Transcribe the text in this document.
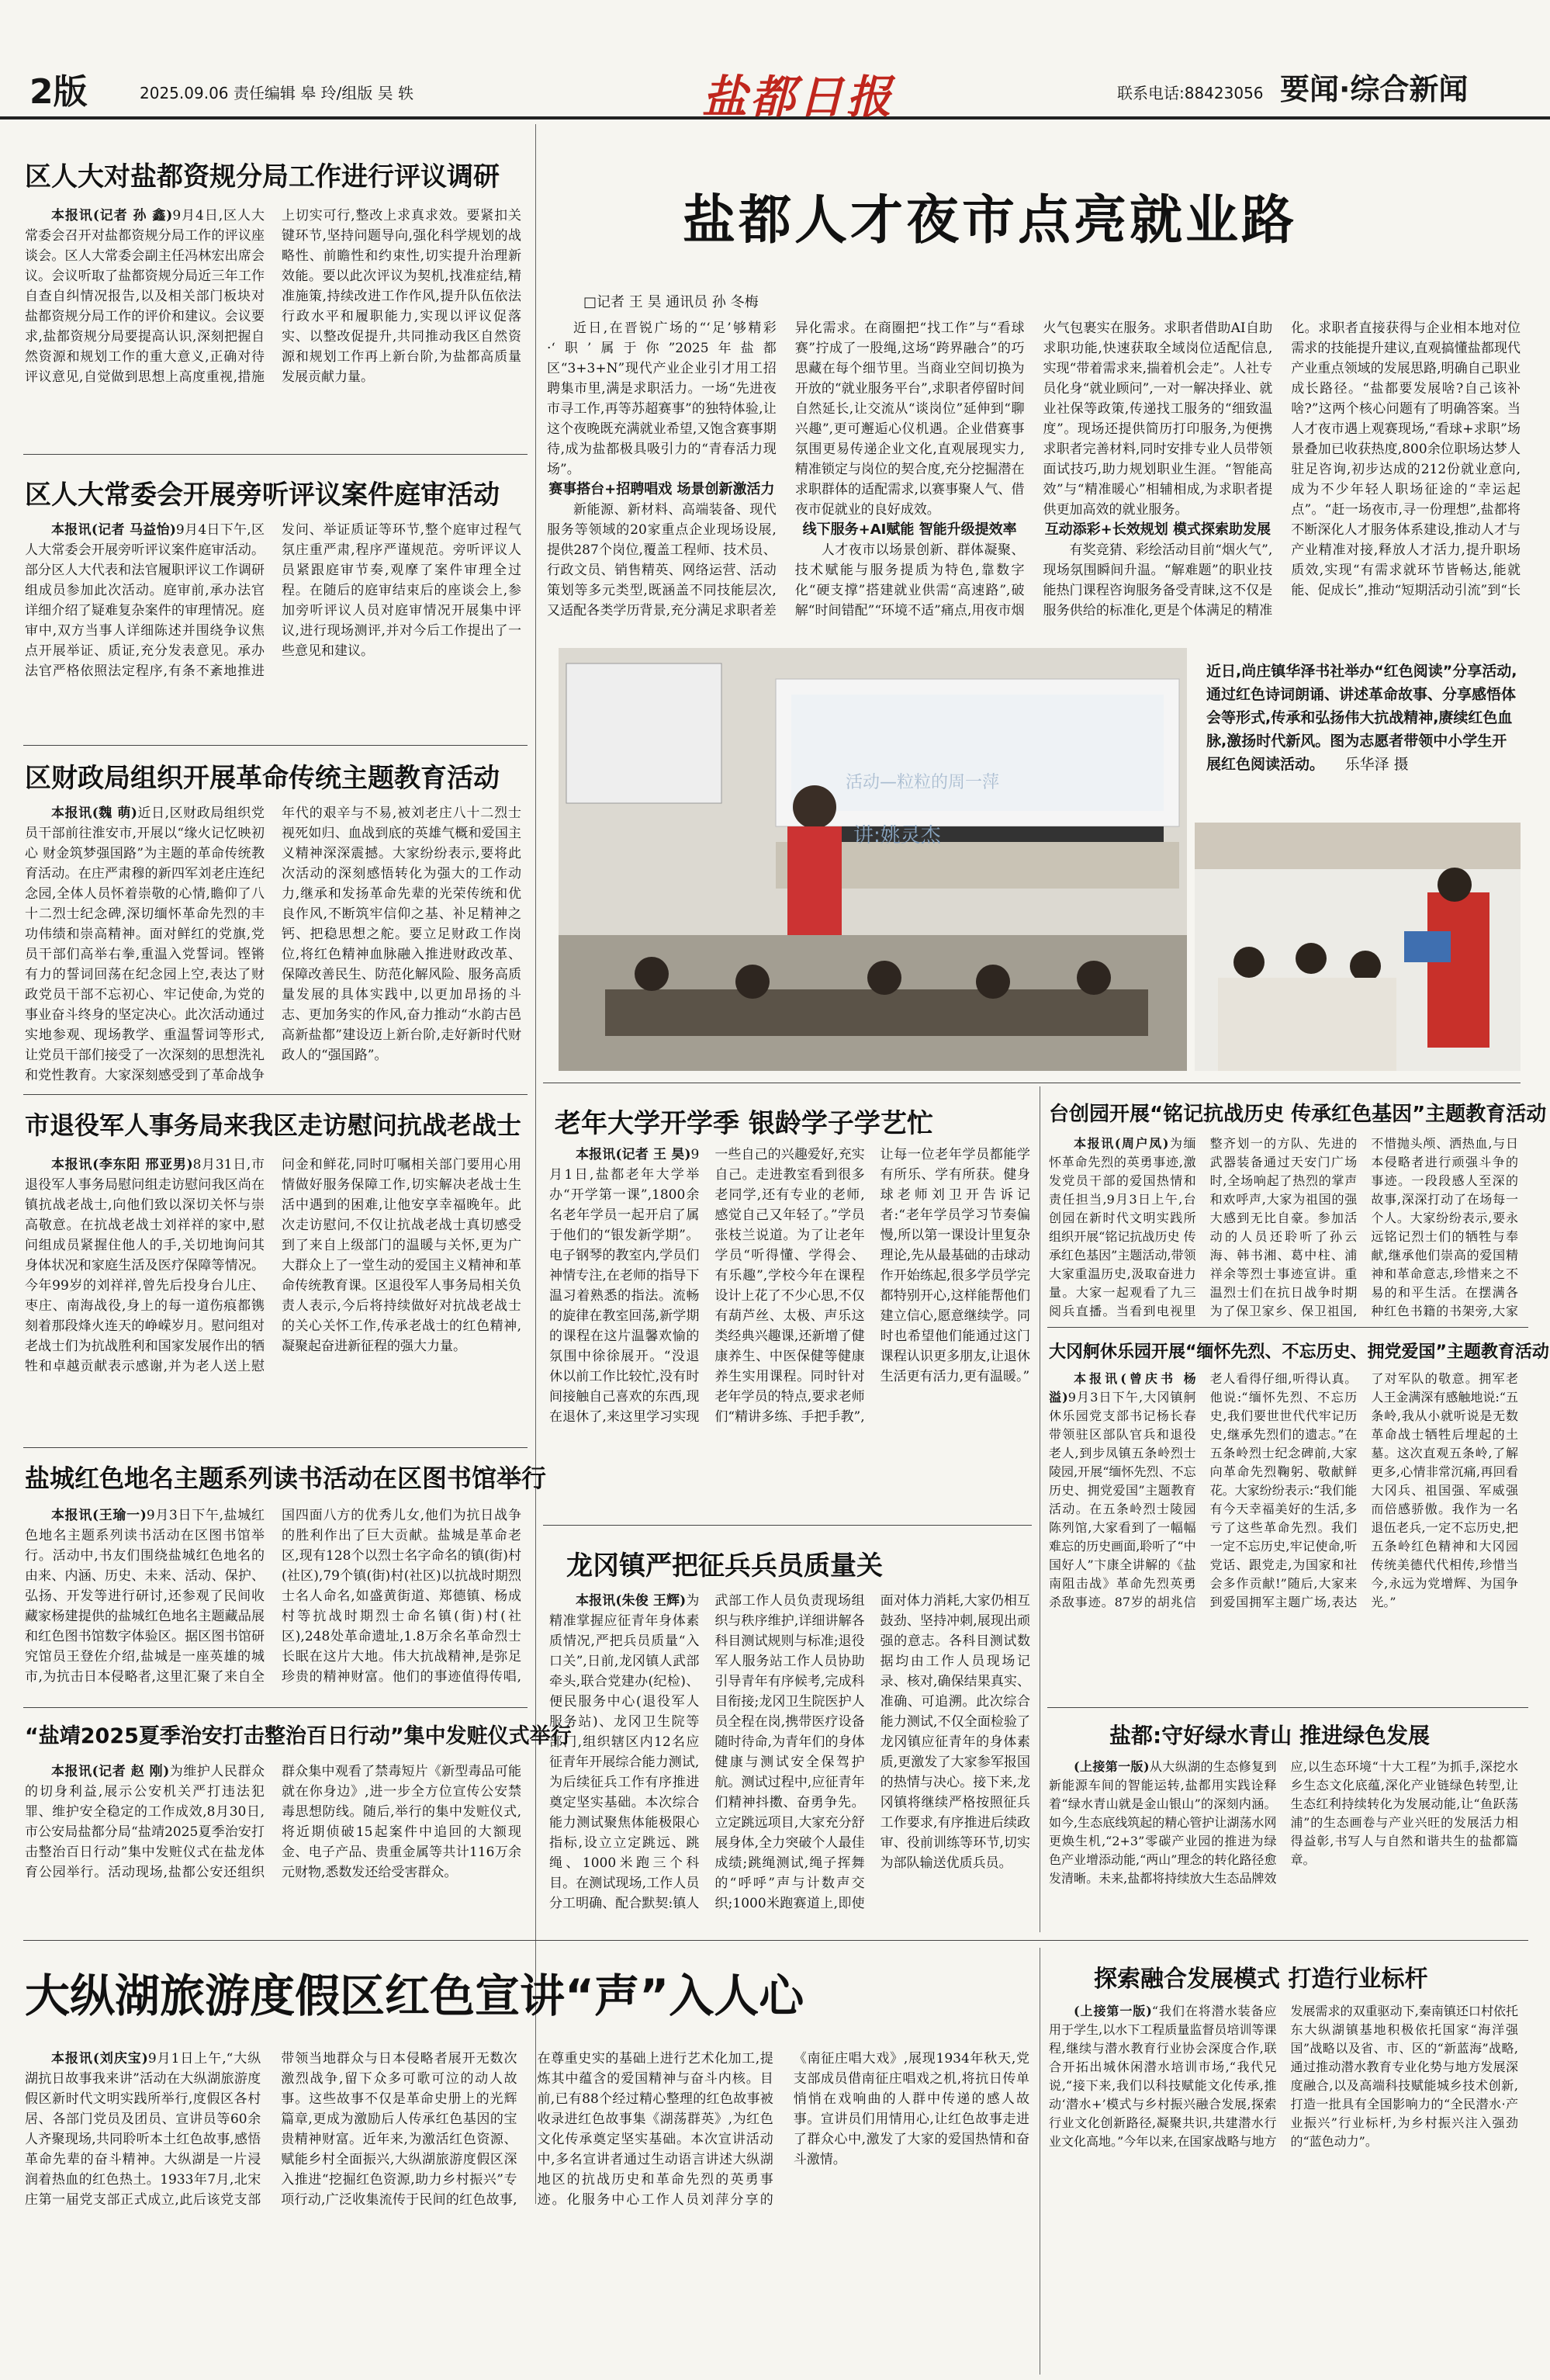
2版	2025.09.06 责任编辑 皋 玲/组版 吴 轶	盐都日报	联系电话:88423056 要闻·综合新闻
区人大对盐都资规分局工作进行评议调研

本报讯(记者 孙 鑫)9月4日,区人大常委会召开对盐都资规分局工作的评议座谈会。区人大常委会副主任冯林宏出席会议。会议听取了盐都资规分局近三年工作自查自纠情况报告,以及相关部门板块对盐都资规分局工作的评价和建议。会议要求,盐都资规分局要提高认识,深刻把握自然资源和规划工作的重大意义,正确对待评议意见,自觉做到思想上高度重视,措施上切实可行,整改上求真求效。要紧扣关键环节,坚持问题导向,强化科学规划的战略性、前瞻性和约束性,切实提升治理新效能。要以此次评议为契机,找准症结,精准施策,持续改进工作作风,提升队伍依法行政水平和履职能力,实现以评议促落实、以整改促提升,共同推动我区自然资源和规划工作再上新台阶,为盐都高质量发展贡献力量。

区人大常委会开展旁听评议案件庭审活动

本报讯(记者 马益怡)9月4日下午,区人大常委会开展旁听评议案件庭审活动。部分区人大代表和法官履职评议工作调研组成员参加此次活动。庭审前,承办法官详细介绍了疑难复杂案件的审理情况。庭审中,双方当事人详细陈述并围绕争议焦点开展举证、质证,充分发表意见。承办法官严格依照法定程序,有条不紊地推进发问、举证质证等环节,整个庭审过程气氛庄重严肃,程序严谨规范。旁听评议人员紧跟庭审节奏,观摩了案件审理全过程。在随后的庭审结束后的座谈会上,参加旁听评议人员对庭审情况开展集中评议,进行现场测评,并对今后工作提出了一些意见和建议。

区财政局组织开展革命传统主题教育活动

本报讯(魏 萌)近日,区财政局组织党员干部前往淮安市,开展以“缘火记忆映初心 财金筑梦强国路”为主题的革命传统教育活动。在庄严肃穆的新四军刘老庄连纪念园,全体人员怀着崇敬的心情,瞻仰了八十二烈士纪念碑,深切缅怀革命先烈的丰功伟绩和崇高精神。面对鲜红的党旗,党员干部们高举右拳,重温入党誓词。铿锵有力的誓词回荡在纪念园上空,表达了财政党员干部不忘初心、牢记使命,为党的事业奋斗终身的坚定决心。此次活动通过实地参观、现场教学、重温誓词等形式,让党员干部们接受了一次深刻的思想洗礼和党性教育。大家深刻感受到了革命战争年代的艰辛与不易,被刘老庄八十二烈士视死如归、血战到底的英雄气概和爱国主义精神深深震撼。大家纷纷表示,要将此次活动的深刻感悟转化为强大的工作动力,继承和发扬革命先辈的光荣传统和优良作风,不断筑牢信仰之基、补足精神之钙、把稳思想之舵。要立足财政工作岗位,将红色精神血脉融入推进财政改革、保障改善民生、防范化解风险、服务高质量发展的具体实践中,以更加昂扬的斗志、更加务实的作风,奋力推动“水韵古邑 高新盐都”建设迈上新台阶,走好新时代财政人的“强国路”。

市退役军人事务局来我区走访慰问抗战老战士

本报讯(李东阳 邢亚男)8月31日,市退役军人事务局慰问组走访慰问我区尚在镇抗战老战士,向他们致以深切关怀与崇高敬意。在抗战老战士刘祥祥的家中,慰问组成员紧握住他人的手,关切地询问其身体状况和家庭生活及医疗保障等情况。今年99岁的刘祥祥,曾先后投身台儿庄、枣庄、南海战役,身上的每一道伤痕都镌刻着那段烽火连天的峥嵘岁月。慰问组对老战士们为抗战胜利和国家发展作出的牺牲和卓越贡献表示感谢,并为老人送上慰问金和鲜花,同时叮嘱相关部门要用心用情做好服务保障工作,切实解决老战士生活中遇到的困难,让他安享幸福晚年。此次走访慰问,不仅让抗战老战士真切感受到了来自上级部门的温暖与关怀,更为广大群众上了一堂生动的爱国主义精神和革命传统教育课。区退役军人事务局相关负责人表示,今后将持续做好对抗战老战士的关心关怀工作,传承老战士的红色精神,凝聚起奋进新征程的强大力量。

盐城红色地名主题系列读书活动在区图书馆举行

本报讯(王瑜一)9月3日下午,盐城红色地名主题系列读书活动在区图书馆举行。活动中,书友们围绕盐城红色地名的由来、内涵、历史、未来、活动、保护、弘扬、开发等进行研讨,还参观了民间收藏家杨建提供的盐城红色地名主题藏品展和红色图书馆数字体验区。据区图书馆研究馆员王登佐介绍,盐城是一座英雄的城市,为抗击日本侵略者,这里汇聚了来自全国四面八方的优秀儿女,他们为抗日战争的胜利作出了巨大贡献。盐城是革命老区,现有128个以烈士名字命名的镇(街)村(社区),79个镇(街)村(社区)以抗战时期烈士名人命名,如盛黄街道、郑德镇、杨成村等抗战时期烈士命名镇(街)村(社区),248处革命遗址,1.8万余名革命烈士长眠在这片大地。伟大抗战精神,是弥足珍贵的精神财富。他们的事迹值得传唱,

“盐靖2025夏季治安打击整治百日行动”集中发赃仪式举行

本报讯(记者 赵 刚)为维护人民群众的切身利益,展示公安机关严打违法犯罪、维护安全稳定的工作成效,8月30日,市公安局盐都分局“盐靖2025夏季治安打击整治百日行动”集中发赃仪式在盐龙体育公园举行。活动现场,盐都公安还组织群众集中观看了禁毒短片《新型毒品可能就在你身边》,进一步全方位宣传公安禁毒思想防线。随后,举行的集中发赃仪式,将近期侦破15起案件中追回的大额现金、电子产品、贵重金属等共计116万余元财物,悉数发还给受害群众。

大纵湖旅游度假区红色宣讲“声”入人心

本报讯(刘庆宝)9月1日上午,“大纵湖抗日故事我来讲”活动在大纵湖旅游度假区新时代文明实践所举行,度假区各村居、各部门党员及团员、宣讲员等60余人齐聚现场,共同聆听本土红色故事,感悟革命先辈的奋斗精神。大纵湖是一片浸润着热血的红色热土。1933年7月,北宋庄第一届党支部正式成立,此后该党支部带领当地群众与日本侵略者展开无数次激烈战争,留下众多可歌可泣的动人故事。这些故事不仅是革命史册上的光辉篇章,更成为激励后人传承红色基因的宝贵精神财富。近年来,为激活红色资源、赋能乡村全面振兴,大纵湖旅游度假区深入推进“挖掘红色资源,助力乡村振兴”专项行动,广泛收集流传于民间的红色故事,在尊重史实的基础上进行艺术化加工,提炼其中蕴含的爱国精神与奋斗内核。目前,已有88个经过精心整理的红色故事被收录进红色故事集《湖荡群英》,为红色文化传承奠定坚实基础。本次宣讲活动中,多名宣讲者通过生动语言讲述大纵湖地区的抗战历史和革命先烈的英勇事迹。化服务中心工作人员刘萍分享的《南征庄唱大戏》,展现1934年秋天,党支部成员借南征庄唱戏之机,将抗日传单悄悄在戏响曲的人群中传递的感人故事。宣讲员们用情用心,让红色故事走进了群众心中,激发了大家的爱国热情和奋斗激情。

盐都人才夜市点亮就业路
□记者 王 昊 通讯员 孙 冬梅

近日,在晋锐广场的“‘足’够精彩·‘职’属于你”2025年盐都区“3+3+N”现代产业企业引才用工招聘集市里,满是求职活力。一场“先进夜市寻工作,再等苏超赛事”的独特体验,让这个夜晚既充满就业希望,又饱含赛事期待,成为盐都极具吸引力的“青春活力现场”。

赛事搭台+招聘唱戏 场景创新激活力

新能源、新材料、高端装备、现代服务等领域的20家重点企业现场设展,提供287个岗位,覆盖工程师、技术员、行政文员、销售精英、网络运营、活动策划等多元类型,既涵盖不同技能层次,又适配各类学历背景,充分满足求职者差异化需求。在商圈把“找工作”与“看球赛”拧成了一股绳,这场“跨界融合”的巧思藏在每个细节里。当商业空间切换为开放的“就业服务平台”,求职者停留时间自然延长,让交流从“谈岗位”延伸到“聊兴趣”,更可邂逅心仪机遇。企业借赛事氛围更易传递企业文化,直观展现实力,精准锁定与岗位的契合度,充分挖掘潜在求职群体的适配需求,以赛事聚人气、借夜市促就业的良好成效。

线下服务+AI赋能 智能升级提效率

人才夜市以场景创新、群体凝聚、技术赋能与服务提质为特色,靠数字化“硬支撑”搭建就业供需“高速路”,破解“时间错配”“环境不适”痛点,用夜市烟火气包裹实在服务。求职者借助AI自助求职功能,快速获取全域岗位适配信息,实现“带着需求来,揣着机会走”。人社专员化身“就业顾问”,一对一解决择业、就业社保等政策,传递找工服务的“细致温度”。现场还提供简历打印服务,为便携求职者完善材料,同时安排专业人员带领面试技巧,助力规划职业生涯。“智能高效”与“精准暖心”相辅相成,为求职者提供更加高效的就业服务。

互动添彩+长效规划 模式探索助发展

有奖竞猜、彩绘活动目前“烟火气”,现场氛围瞬间升温。“解难题”的职业技能热门课程咨询服务备受青睐,这不仅是服务供给的标准化,更是个体满足的精准化。求职者直接获得与企业相本地对位需求的技能提升建议,直观搞懂盐都现代产业重点领域的发展思路,明确自己职业成长路径。“盐都要发展啥?自己该补啥?”这两个核心问题有了明确答案。当人才夜市遇上观赛现场,“看球+求职”场景叠加已收获热度,800余位职场达梦人驻足咨询,初步达成的212份就业意向,成为不少年轻人职场征途的“幸运起点”。“赶一场夜市,寻一份理想”,盐都将不断深化人才服务体系建设,推动人才与产业精准对接,释放人才活力,提升职场质效,实现“有需求就环节皆畅达,能就能、促成长”,推动“短期活动引流”到“长

讲:姚灵杰
活动—粒粒的周一萍
近日,尚庄镇华泽书社举办“红色阅读”分享活动,通过红色诗词朗诵、讲述革命故事、分享感悟体会等形式,传承和弘扬伟大抗战精神,赓续红色血脉,激扬时代新风。图为志愿者带领中小学生开展红色阅读活动。 乐华泽 摄
老年大学开学季 银龄学子学艺忙

本报讯(记者 王 昊)9月1日,盐都老年大学举办“开学第一课”,1800余名老年学员一起开启了属于他们的“银发新学期”。电子钢琴的教室内,学员们神情专注,在老师的指导下温习着熟悉的指法。流畅的旋律在教室回荡,新学期的课程在这片温馨欢愉的氛围中徐徐展开。“没退休以前工作比较忙,没有时间接触自己喜欢的东西,现在退休了,来这里学习实现一些自己的兴趣爱好,充实自己。走进教室看到很多老同学,还有专业的老师,感觉自己又年轻了。”学员张枝兰说道。为了让老年学员“听得懂、学得会、有乐趣”,学校今年在课程设计上花了不少心思,不仅有葫芦丝、太极、声乐这类经典兴趣课,还新增了健康养生、中医保健等健康养生实用课程。同时针对老年学员的特点,要求老师们“精讲多练、手把手教”,让每一位老年学员都能学有所乐、学有所获。健身球老师刘卫开告诉记者:“老年学员学习节奏偏慢,所以第一课设计里复杂理论,先从最基础的击球动作开始练起,很多学员学完都特别开心,这样能帮他们建立信心,愿意继续学。同时也希望他们能通过这门课程认识更多朋友,让退休生活更有活力,更有温暖。”

龙冈镇严把征兵兵员质量关

本报讯(朱俊 王辉)为精准掌握应征青年身体素质情况,严把兵员质量“入口关”,日前,龙冈镇人武部牵头,联合党建办(纪检)、便民服务中心(退役军人服务站)、龙冈卫生院等部门,组织辖区内12名应征青年开展综合能力测试,为后续征兵工作有序推进奠定坚实基础。本次综合能力测试聚焦体能极限心指标,设立立定跳远、跳绳、1000米跑三个科目。在测试现场,工作人员分工明确、配合默契:镇人武部工作人员负责现场组织与秩序维护,详细讲解各科目测试规则与标准;退役军人服务站工作人员协助引导青年有序候考,完成科目衔接;龙冈卫生院医护人员全程在岗,携带医疗设备随时待命,为青年们的身体健康与测试安全保驾护航。测试过程中,应征青年们精神抖擞、奋勇争先。立定跳远项目,大家充分舒展身体,全力突破个人最佳成绩;跳绳测试,绳子挥舞的“呼呼”声与计数声交织;1000米跑赛道上,即使面对体力消耗,大家仍相互鼓劲、坚持冲刺,展现出顽强的意志。各科目测试数据均由工作人员现场记录、核对,确保结果真实、准确、可追溯。此次综合能力测试,不仅全面检验了龙冈镇应征青年的身体素质,更激发了大家参军报国的热情与决心。接下来,龙冈镇将继续严格按照征兵工作要求,有序推进后续政审、役前训练等环节,切实为部队输送优质兵员。

台创园开展“铭记抗战历史 传承红色基因”主题教育活动

本报讯(周户凤)为缅怀革命先烈的英勇事迹,激发党员干部的爱国热情和责任担当,9月3日上午,台创园在新时代文明实践所组织开展“铭记抗战历史 传承红色基因”主题活动,带领大家重温历史,汲取奋进力量。大家一起观看了九三阅兵直播。当看到电视里整齐划一的方队、先进的武器装备通过天安门广场时,全场响起了热烈的掌声和欢呼声,大家为祖国的强大感到无比自豪。参加活动的人员还聆听了孙云海、韩书湘、葛中柱、浦祥余等烈士事迹宣讲。重温烈士们在抗日战争时期为了保卫家乡、保卫祖国,不惜抛头颅、洒热血,与日本侵略者进行顽强斗争的事迹。一段段感人至深的故事,深深打动了在场每一个人。大家纷纷表示,要永远铭记烈士们的牺牲与奉献,继承他们崇高的爱国精神和革命意志,珍惜来之不易的和平生活。在摆满各种红色书籍的书架旁,大家

大冈舸休乐园开展“缅怀先烈、不忘历史、拥党爱国”主题教育活动

本报讯(曾庆书 杨 溢)9月3日下午,大冈镇舸休乐园党支部书记杨长春带领驻区部队官兵和退役老人,到步凤镇五条岭烈士陵园,开展“缅怀先烈、不忘历史、拥党爱国”主题教育活动。在五条岭烈士陵园陈列馆,大家看到了一幅幅难忘的历史画面,聆听了“中国好人”卞康全讲解的《盐南阻击战》革命先烈英勇杀敌事迹。87岁的胡兆信老人看得仔细,听得认真。他说:“缅怀先烈、不忘历史,我们要世世代代牢记历史,继承先烈们的遗志。”在五条岭烈士纪念碑前,大家向革命先烈鞠躬、敬献鲜花。大家纷纷表示:“我们能有今天幸福美好的生活,多亏了这些革命先烈。我们一定不忘历史,牢记使命,听党话、跟党走,为国家和社会多作贡献!”随后,大家来到爱国拥军主题广场,表达了对军队的敬意。拥军老人王金满深有感触地说:“五条岭,我从小就听说是无数革命战士牺牲后埋起的土墓。这次直观五条岭,了解更多,心情非常沉痛,再回看大冈兵、祖国强、军威强而倍感骄傲。我作为一名退伍老兵,一定不忘历史,把五条岭红色精神和大冈园传统美德代代相传,珍惜当今,永远为党增辉、为国争光。”

盐都:守好绿水青山 推进绿色发展

(上接第一版)从大纵湖的生态修复到新能源车间的智能运转,盐都用实践诠释着“绿水青山就是金山银山”的深刻内涵。如今,生态底线筑起的精心管护让湖荡水网更焕生机,“2+3”零碳产业园的推进为绿色产业增添动能,“两山”理念的转化路径愈发清晰。未来,盐都将持续放大生态品牌效应,以生态环境“十大工程”为抓手,深挖水乡生态文化底蕴,深化产业链绿色转型,让生态红利持续转化为发展动能,让“鱼跃荡浦”的生态画卷与产业兴旺的发展活力相得益彰,书写人与自然和谐共生的盐都篇章。

探索融合发展模式 打造行业标杆

(上接第一版)“我们在将潜水装备应用于学生,以水下工程质量监督员培训等课程,继续与潜水教育行业协会深度合作,联合开拓出城休闲潜水培训市场,“我代兄说,“接下来,我们以科技赋能文化传承,推动‘潜水+’模式与乡村振兴融合发展,探索行业文化创新路径,凝聚共识,共建潜水行业文化高地。”今年以来,在国家战略与地方发展需求的双重驱动下,秦南镇还口村依托东大纵湖镇基地积极依托国家“海洋强国”战略以及省、市、区的“新蓝海”战略,通过推动潜水教育专业化势与地方发展深度融合,以及高端科技赋能城乡技术创新,打造一批具有全国影响力的“全民潜水·产业振兴”行业标杆,为乡村振兴注入强劲的“蓝色动力”。
